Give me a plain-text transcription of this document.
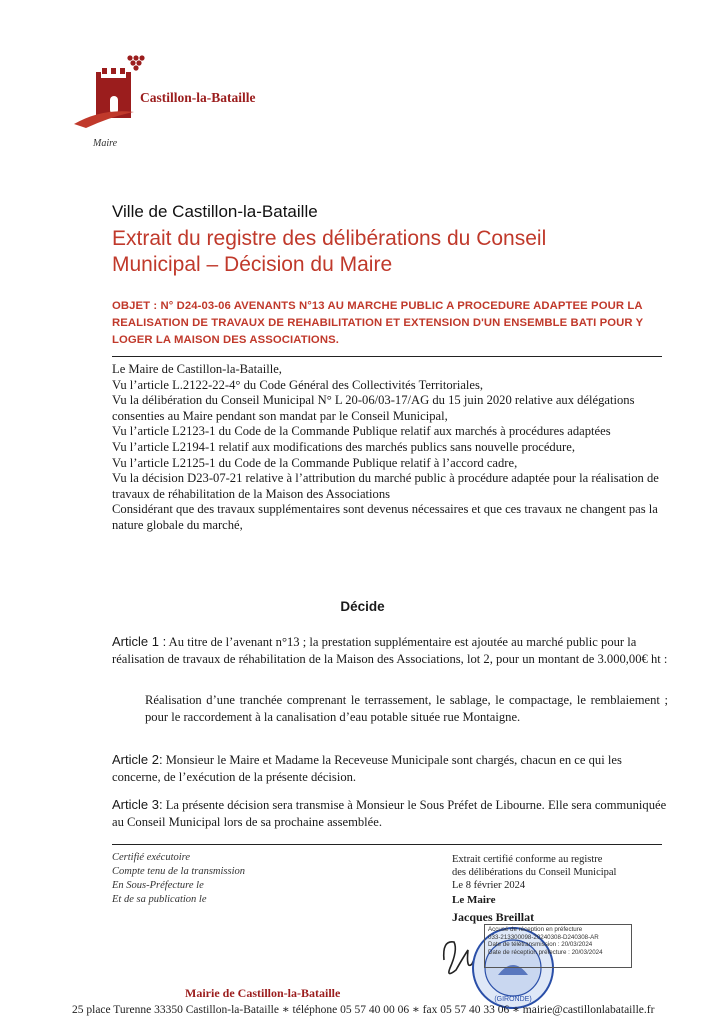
Castillon-la-Bataille
Maire
Ville de Castillon-la-Bataille
Extrait du registre des délibérations du Conseil Municipal – Décision du Maire
OBJET : N° D24-03-06 AVENANTS N°13 AU MARCHE PUBLIC A PROCEDURE ADAPTEE POUR LA REALISATION DE TRAVAUX DE REHABILITATION ET EXTENSION D'UN ENSEMBLE BATI POUR Y LOGER LA MAISON DES ASSOCIATIONS.
Le Maire de Castillon-la-Bataille,
Vu l’article L.2122-22-4° du Code Général des Collectivités Territoriales,
Vu la délibération du Conseil Municipal N° L 20-06/03-17/AG du 15 juin 2020 relative aux délégations consenties au Maire pendant son mandat par le Conseil Municipal,
Vu l’article L2123-1 du Code de la Commande Publique relatif aux marchés à procédures adaptées
Vu l’article L2194-1 relatif aux modifications des marchés publics sans nouvelle procédure,
Vu l’article L2125-1 du Code de la Commande Publique relatif à l’accord cadre,
Vu la décision D23-07-21 relative à l’attribution du marché public à procédure adaptée pour la réalisation de travaux de réhabilitation de la Maison des Associations
Considérant que des travaux supplémentaires sont devenus nécessaires et que ces travaux ne changent pas la nature globale du marché,
Décide
Article 1 : Au titre de l’avenant n°13 ; la prestation supplémentaire est ajoutée au marché public pour la réalisation de travaux de réhabilitation de la Maison des Associations, lot 2, pour un montant de 3.000,00€ ht :
Réalisation d’une tranchée comprenant le terrassement, le sablage, le compactage, le remblaiement ; pour le raccordement à la canalisation d’eau potable située rue Montaigne.
Article 2: Monsieur le Maire et Madame la Receveuse Municipale sont chargés, chacun en ce qui les concerne, de l’exécution de la présente décision.
Article 3: La présente décision sera transmise à Monsieur le Sous Préfet de Libourne. Elle sera communiquée au Conseil Municipal lors de sa prochaine assemblée.
Certifié exécutoire
Compte tenu de la transmission
En Sous-Préfecture le
Et de sa publication le
Extrait certifié conforme au registre
des délibérations du Conseil Municipal
Le 8 février 2024
Le Maire
Jacques Breillat
(GIRONDE)
Accusé de réception en préfecture
033-213300098-20240308-D240308-AR
Date de télétransmission : 20/03/2024
Date de réception préfecture : 20/03/2024
Mairie de Castillon-la-Bataille
25 place Turenne 33350 Castillon-la-Bataille ∗ téléphone 05 57 40 00 06 ∗ fax 05 57 40 33 06 ∗ mairie@castillonlabataille.fr
